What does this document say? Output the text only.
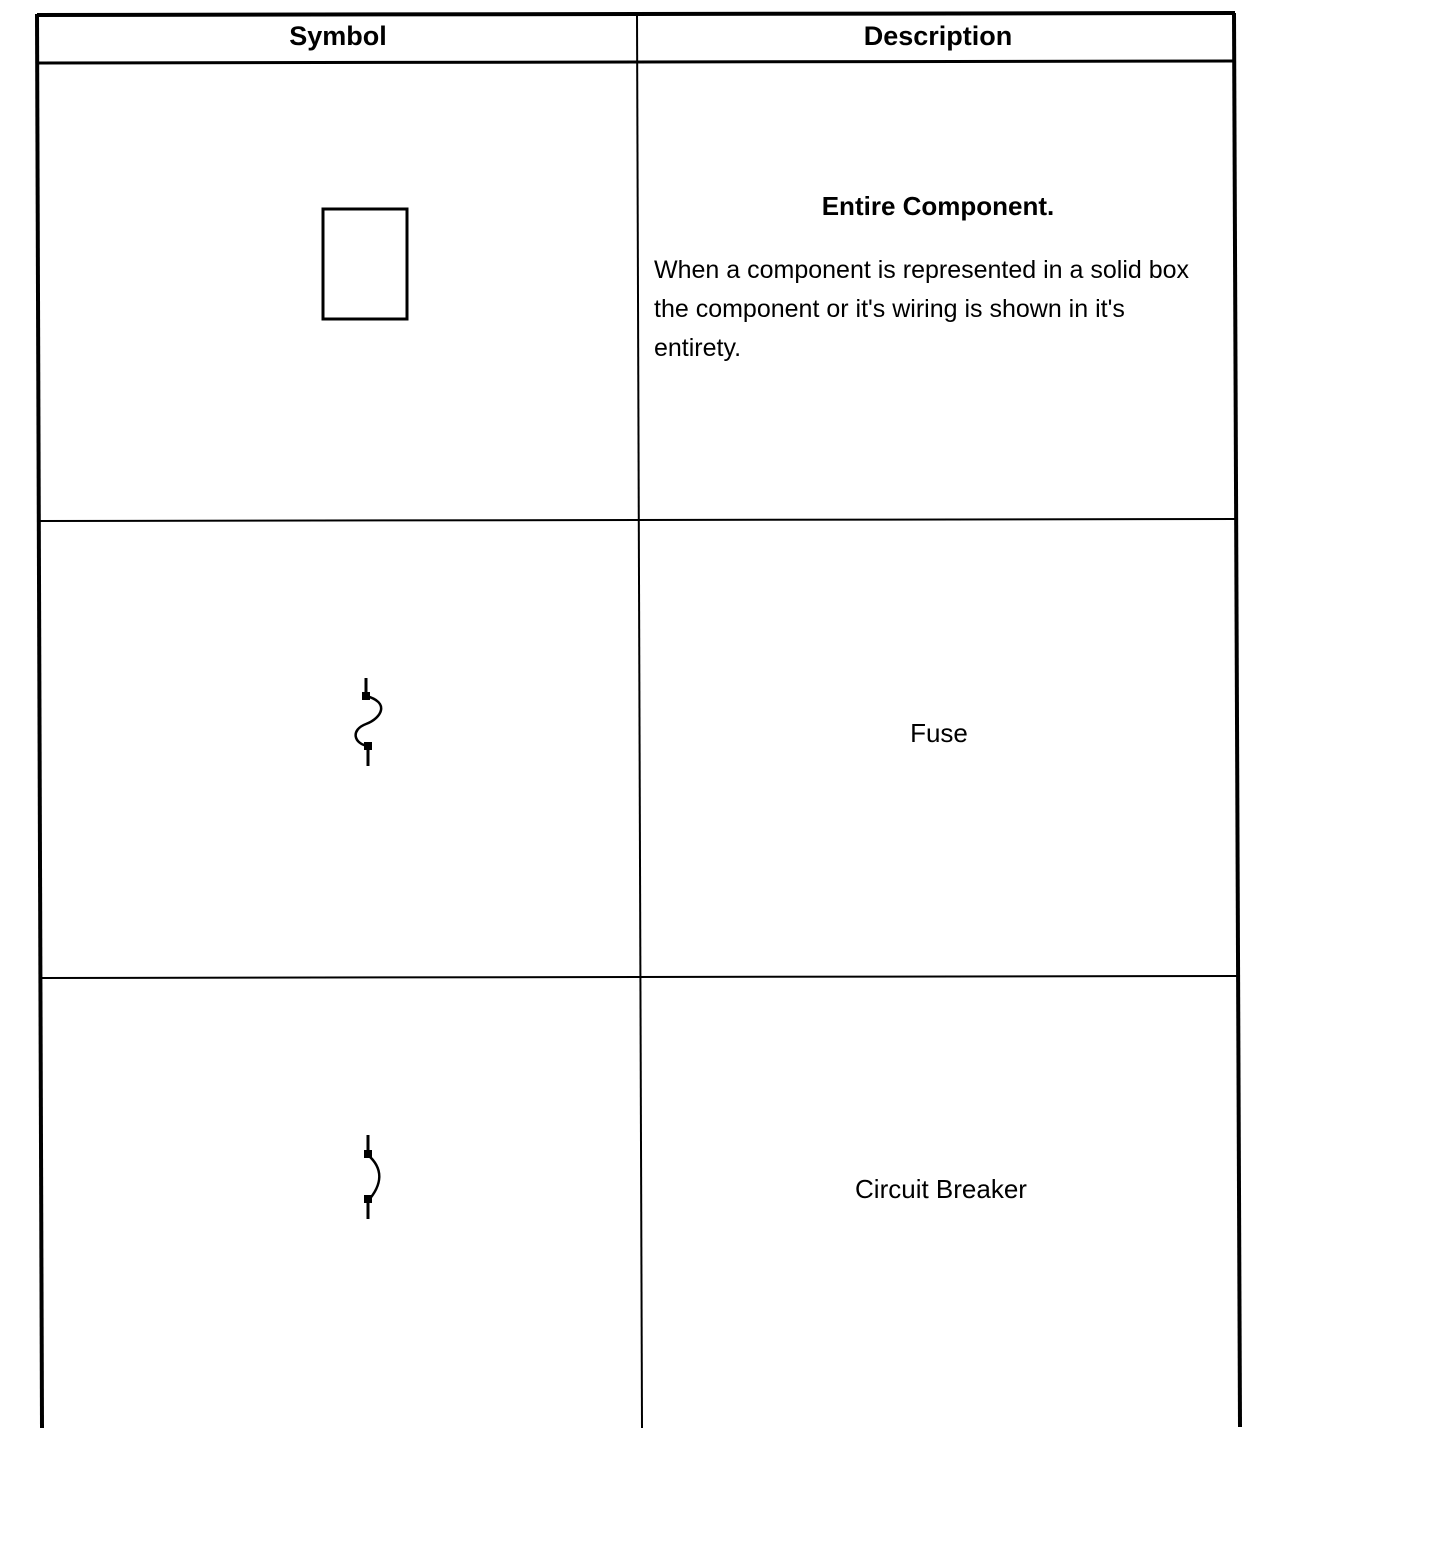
Symbol	Description
Entire Component.
When a component is represented in a solid box the component or it's wiring is shown in it's entirety.
Fuse
Circuit Breaker
